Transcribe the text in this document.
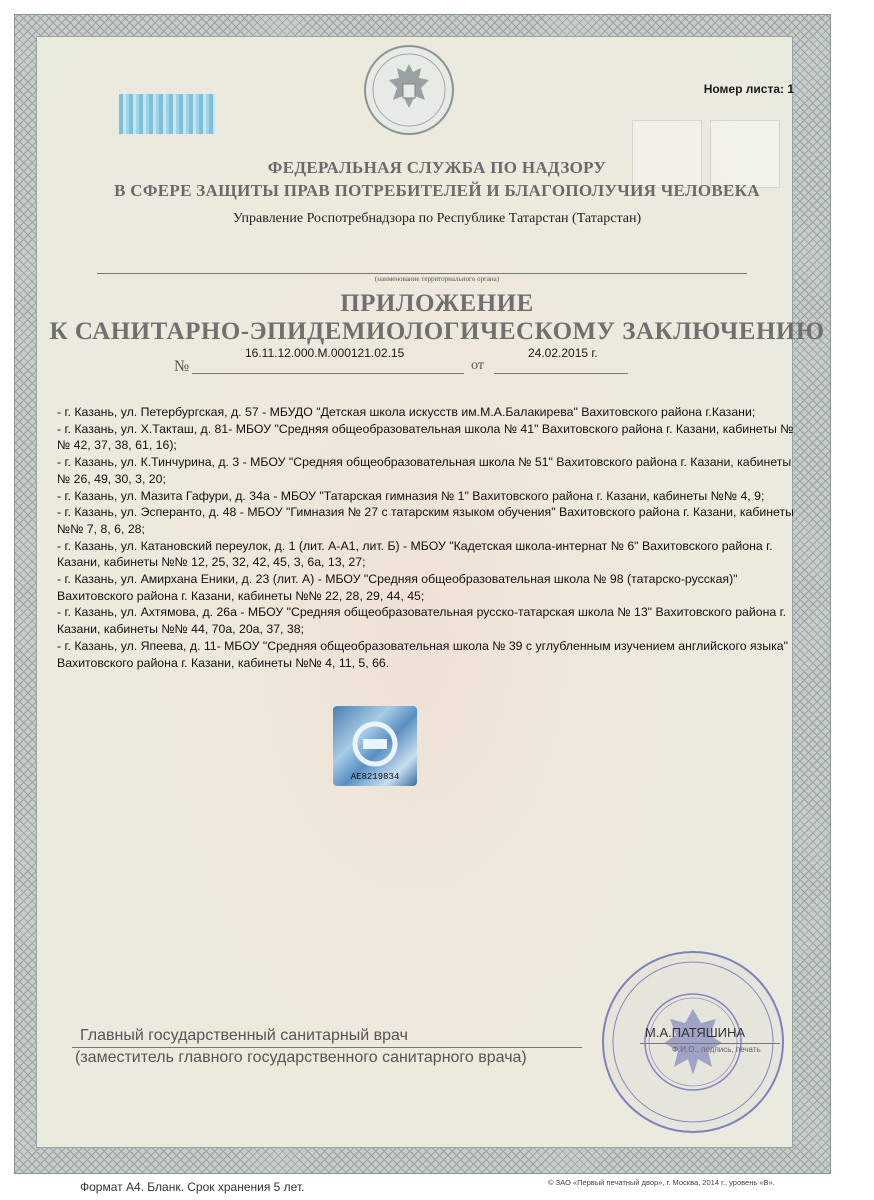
Номер листа: 1
ФЕДЕРАЛЬНАЯ СЛУЖБА ПО НАДЗОРУ
В СФЕРЕ ЗАЩИТЫ ПРАВ ПОТРЕБИТЕЛЕЙ И БЛАГОПОЛУЧИЯ ЧЕЛОВЕКА
Управление Роспотребнадзора по Республике Татарстан (Татарстан)
(наименование территориального органа)
ПРИЛОЖЕНИЕ
К САНИТАРНО-ЭПИДЕМИОЛОГИЧЕСКОМУ ЗАКЛЮЧЕНИЮ
№
16.11.12.000.М.000121.02.15
от
24.02.2015 г.

- г. Казань, ул. Петербургская, д. 57 - МБУДО "Детская школа искусств им.М.А.Балакирева" Вахитовского района г.Казани;

- г. Казань, ул. Х.Такташ, д. 81- МБОУ "Средняя общеобразовательная школа № 41" Вахитовского района г. Казани, кабинеты №№ 42, 37, 38, 61, 16);

- г. Казань, ул. К.Тинчурина, д. 3 - МБОУ "Средняя общеобразовательная школа № 51" Вахитовского района г. Казани, кабинеты № 26, 49, 30, 3, 20;

- г. Казань, ул. Мазита Гафури, д. 34а - МБОУ "Татарская гимназия № 1" Вахитовского района г. Казани, кабинеты №№ 4, 9;

- г. Казань, ул. Эсперанто, д. 48 - МБОУ "Гимназия № 27 с татарским языком обучения" Вахитовского района г. Казани, кабинеты №№ 7, 8, 6, 28;

- г. Казань, ул. Катановский переулок, д. 1 (лит. А-А1, лит. Б) - МБОУ "Кадетская школа-интернат № 6" Вахитовского района г. Казани, кабинеты №№ 12, 25, 32, 42, 45, 3, 6а, 13, 27;

- г. Казань, ул. Амирхана Еники, д. 23 (лит. А) - МБОУ "Средняя общеобразовательная школа № 98 (татарско-русская)" Вахитовского района г. Казани, кабинеты №№ 22, 28, 29, 44, 45;

- г. Казань, ул. Ахтямова, д. 26а - МБОУ "Средняя общеобразовательная русско-татарская школа № 13" Вахитовского района г. Казани, кабинеты №№ 44, 70а, 20а, 37, 38;

- г. Казань, ул. Япеева, д. 11- МБОУ "Средняя общеобразовательная школа № 39 с углубленным изучением английского языка" Вахитовского района г. Казани, кабинеты №№ 4, 11, 5, 66.

AE8219834
Главный государственный санитарный врач
(заместитель главного государственного санитарного врача)
М.А.ПАТЯШИНА
Ф.И.О., подпись, печать
Формат А4. Бланк. Срок хранения 5 лет.	© ЗАО «Первый печатный двор», г. Москва, 2014 г., уровень «В».
